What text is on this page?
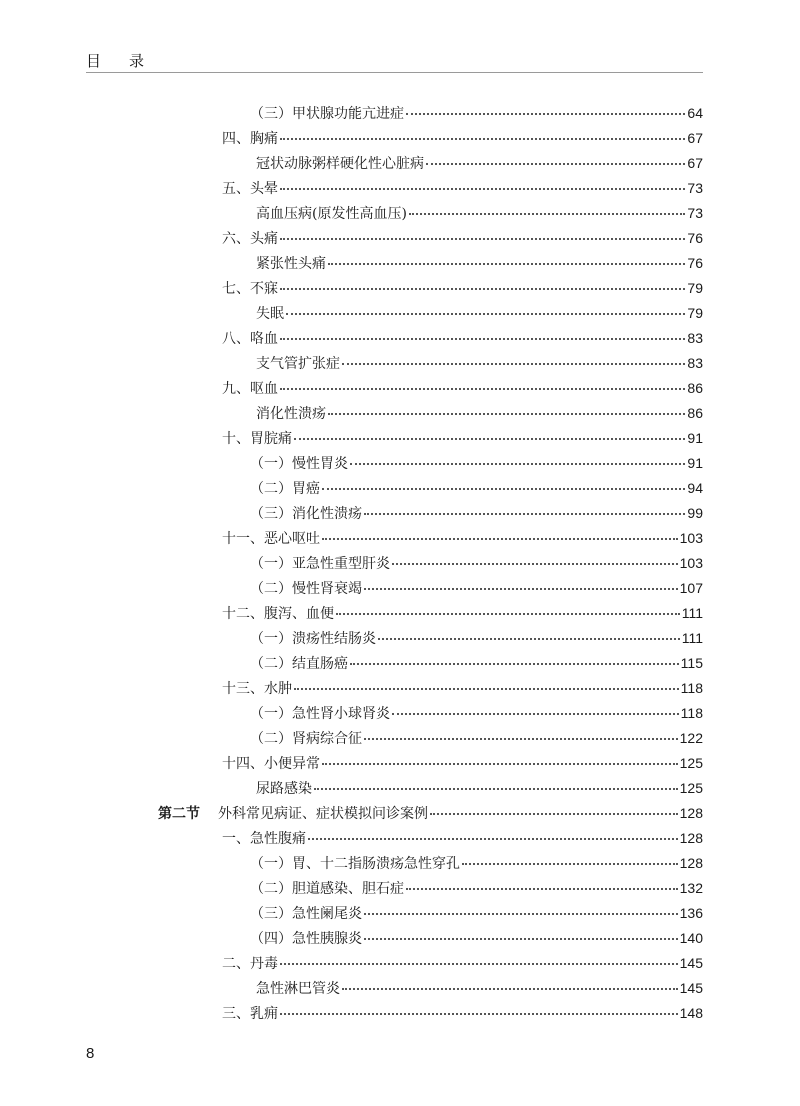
目录
（三）甲状腺功能亢进症	64
四、胸痛	67
冠状动脉粥样硬化性心脏病	67
五、头晕	73
高血压病(原发性高血压)	73
六、头痛	76
紧张性头痛	76
七、不寐	79
失眠	79
八、咯血	83
支气管扩张症	83
九、呕血	86
消化性溃疡	86
十、胃脘痛	91
（一）慢性胃炎	91
（二）胃癌	94
（三）消化性溃疡	99
十一、恶心呕吐	103
（一）亚急性重型肝炎	103
（二）慢性肾衰竭	107
十二、腹泻、血便	111
（一）溃疡性结肠炎	111
（二）结直肠癌	115
十三、水肿	118
（一）急性肾小球肾炎	118
（二）肾病综合征	122
十四、小便异常	125
尿路感染	125
第二节 外科常见病证、症状模拟问诊案例	128
一、急性腹痛	128
（一）胃、十二指肠溃疡急性穿孔	128
（二）胆道感染、胆石症	132
（三）急性阑尾炎	136
（四）急性胰腺炎	140
二、丹毒	145
急性淋巴管炎	145
三、乳痈	148
8
